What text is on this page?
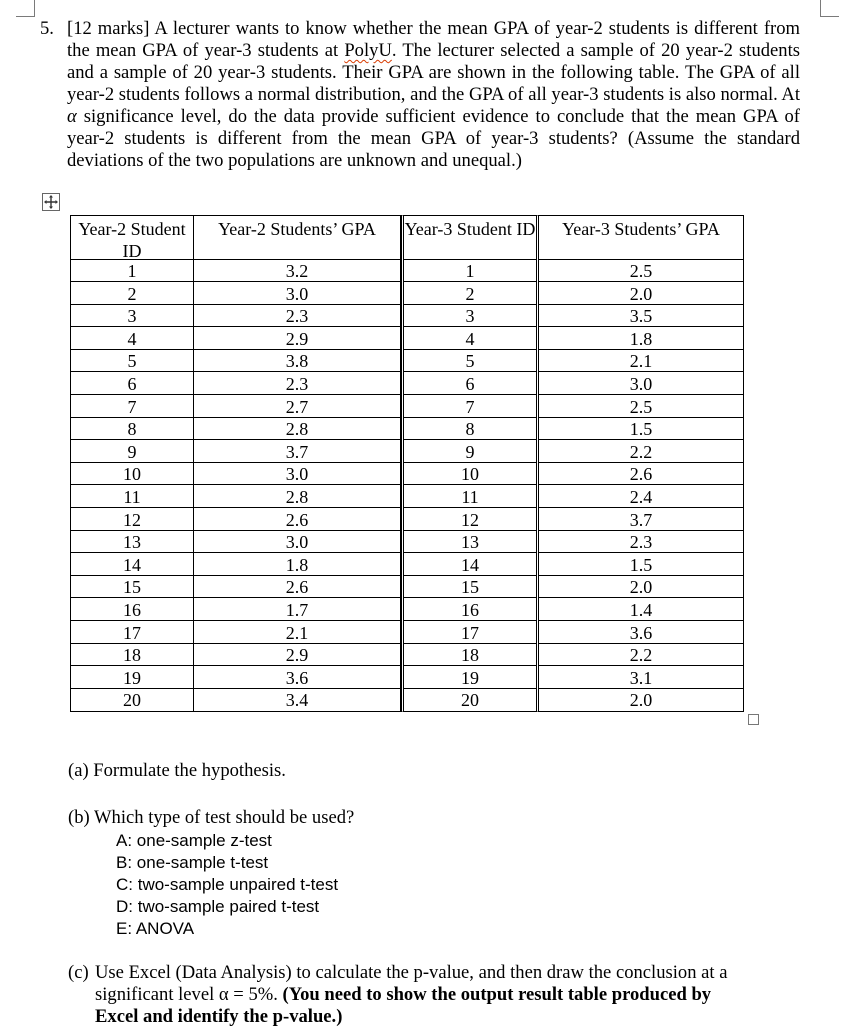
5. [12 marks] A lecturer wants to know whether the mean GPA of year-2 students is different from the mean GPA of year-3 students at PolyU. The lecturer selected a sample of 20 year-2 students and a sample of 20 year-3 students. Their GPA are shown in the following table. The GPA of all year-2 students follows a normal distribution, and the GPA of all year-3 students is also normal. At α significance level, do the data provide sufficient evidence to conclude that the mean GPA of year-2 students is different from the mean GPA of year-3 students? (Assume the standard deviations of the two populations are unknown and unequal.)
Year-2 Student ID
1
2
3
4
5
6
7
8
9
10
11
12
13
14
15
16
17
18
19
20
Year-2 Students’ GPA
3.2
3.0
2.3
2.9
3.8
2.3
2.7
2.8
3.7
3.0
2.8
2.6
3.0
1.8
2.6
1.7
2.1
2.9
3.6
3.4
Year-3 Student ID
1
2
3
4
5
6
7
8
9
10
11
12
13
14
15
16
17
18
19
20
Year-3 Students’ GPA
2.5
2.0
3.5
1.8
2.1
3.0
2.5
1.5
2.2
2.6
2.4
3.7
2.3
1.5
2.0
1.4
3.6
2.2
3.1
2.0
(a) Formulate the hypothesis.
(b) Which type of test should be used?
A: one-sample z-test
B: one-sample t-test
C: two-sample unpaired t-test
D: two-sample paired t-test
E: ANOVA
(c) Use Excel (Data Analysis) to calculate the p-value, and then draw the conclusion at a significant level α = 5%. (You need to show the output result table produced by Excel and identify the p-value.)
